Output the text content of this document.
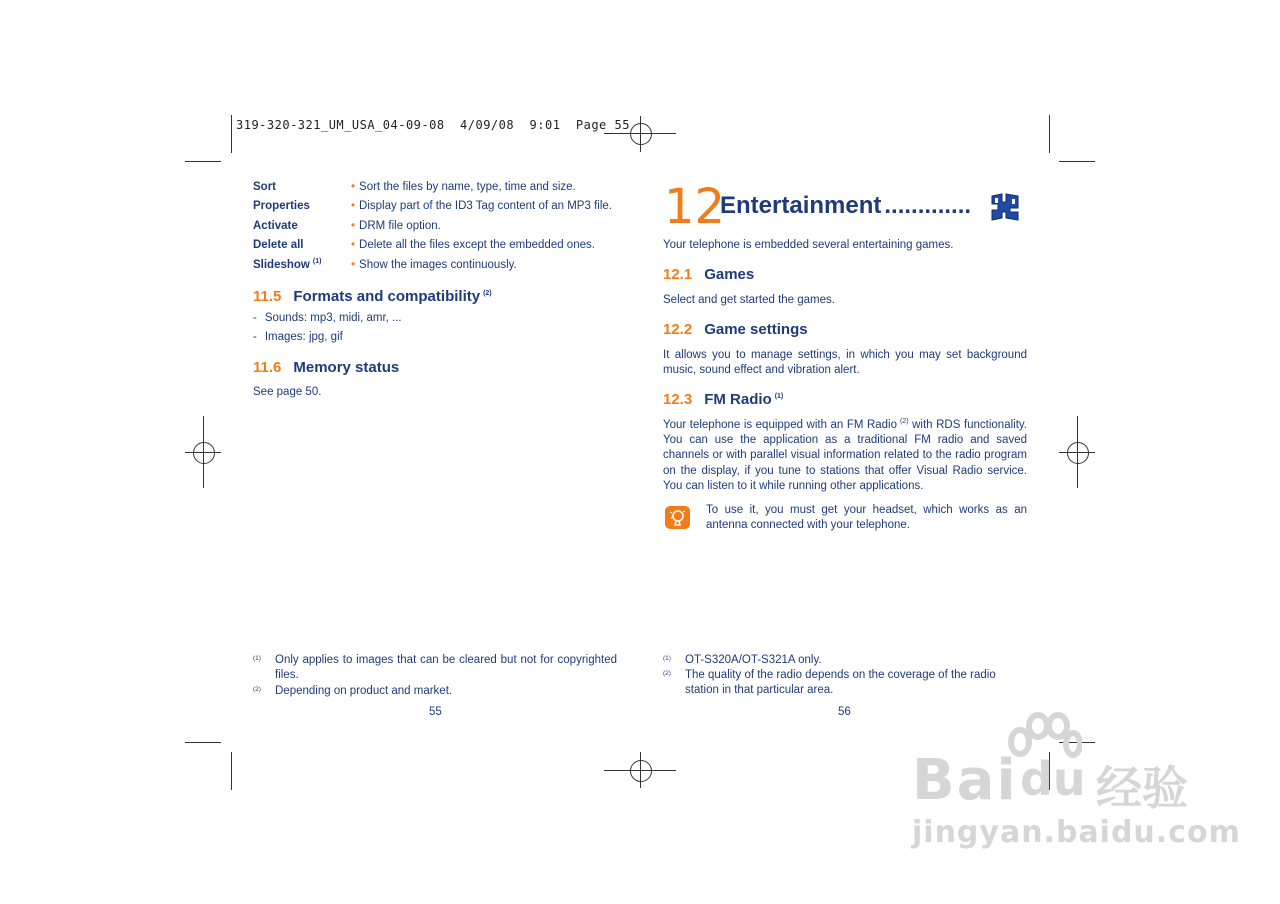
319-320-321_UM_USA_04-09-08  4/09/08  9:01  Page 55
Sort	• Sort the files by name, type, time and size.
Properties	• Display part of the ID3 Tag content of an MP3 file.
Activate	• DRM file option.
Delete all	• Delete all the files except the embedded ones.
Slideshow $^{(1)}$	• Show the images continuously.
11.5 Formats and compatibility $^{(2)}$
- Sounds: mp3, midi, amr, ...
- Images: jpg, gif
11.6 Memory status
See page 50.
(1) Only applies to images that can be cleared but not for copyrighted files.
(2) Depending on product and market.
55
12
Entertainment .............
Your telephone is embedded several entertaining games.
12.1 Games
Select and get started the games.
12.2 Game settings
It allows you to manage settings, in which you may set background music, sound effect and vibration alert.
12.3 FM Radio $^{(1)}$
Your telephone is equipped with an FM Radio $^{(2)}$ with RDS functionality. You can use the application as a traditional FM radio and saved channels or with parallel visual information related to the radio program on the display, if you tune to stations that offer Visual Radio service. You can listen to it while running other applications.
To use it, you must get your headset, which works as an antenna connected with your telephone.
(1) OT-S320A/OT-S321A only.
(2) The quality of the radio depends on the coverage of the radio station in that particular area.
56
Bai du 经验
jingyan.baidu.com
